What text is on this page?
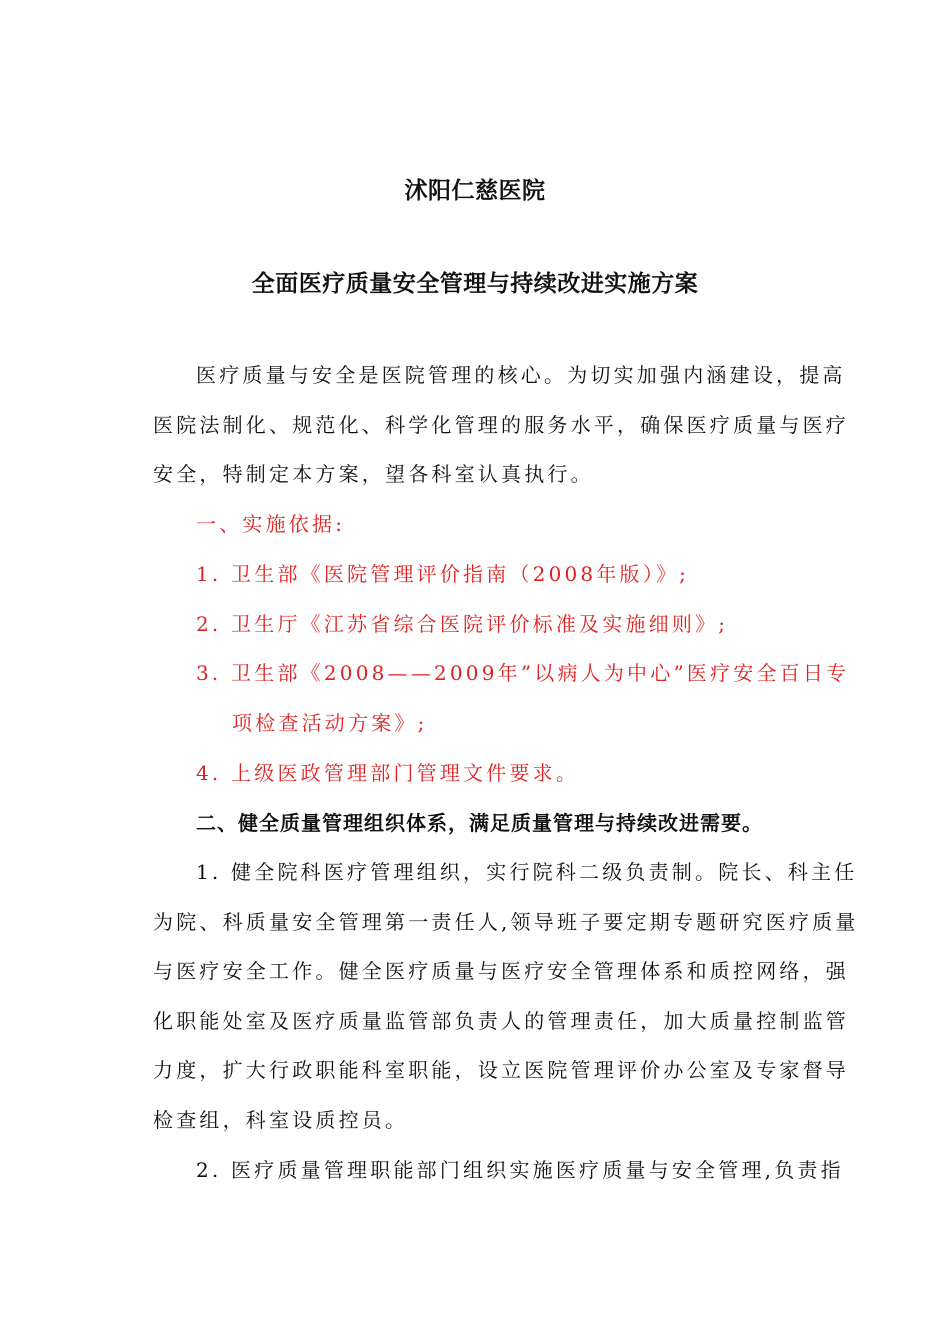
沭阳仁慈医院
全面医疗质量安全管理与持续改进实施方案
医疗质量与安全是医院管理的核心。为切实加强内涵建设，提高
医院法制化、规范化、科学化管理的服务水平，确保医疗质量与医疗
安全，特制定本方案，望各科室认真执行。
一、实施依据:
1. 卫生部《医院管理评价指南（2008年版）》;
2. 卫生厅《江苏省综合医院评价标准及实施细则》;
3. 卫生部《2008——2009年”以病人为中心”医疗安全百日专
项检查活动方案》;
4. 上级医政管理部门管理文件要求。
二、健全质量管理组织体系，满足质量管理与持续改进需要。
1. 健全院科医疗管理组织，实行院科二级负责制。院长、科主任
为院、科质量安全管理第一责任人,领导班子要定期专题研究医疗质量
与医疗安全工作。健全医疗质量与医疗安全管理体系和质控网络，强
化职能处室及医疗质量监管部负责人的管理责任，加大质量控制监管
力度，扩大行政职能科室职能，设立医院管理评价办公室及专家督导
检查组，科室设质控员。
2. 医疗质量管理职能部门组织实施医疗质量与安全管理,负责指
